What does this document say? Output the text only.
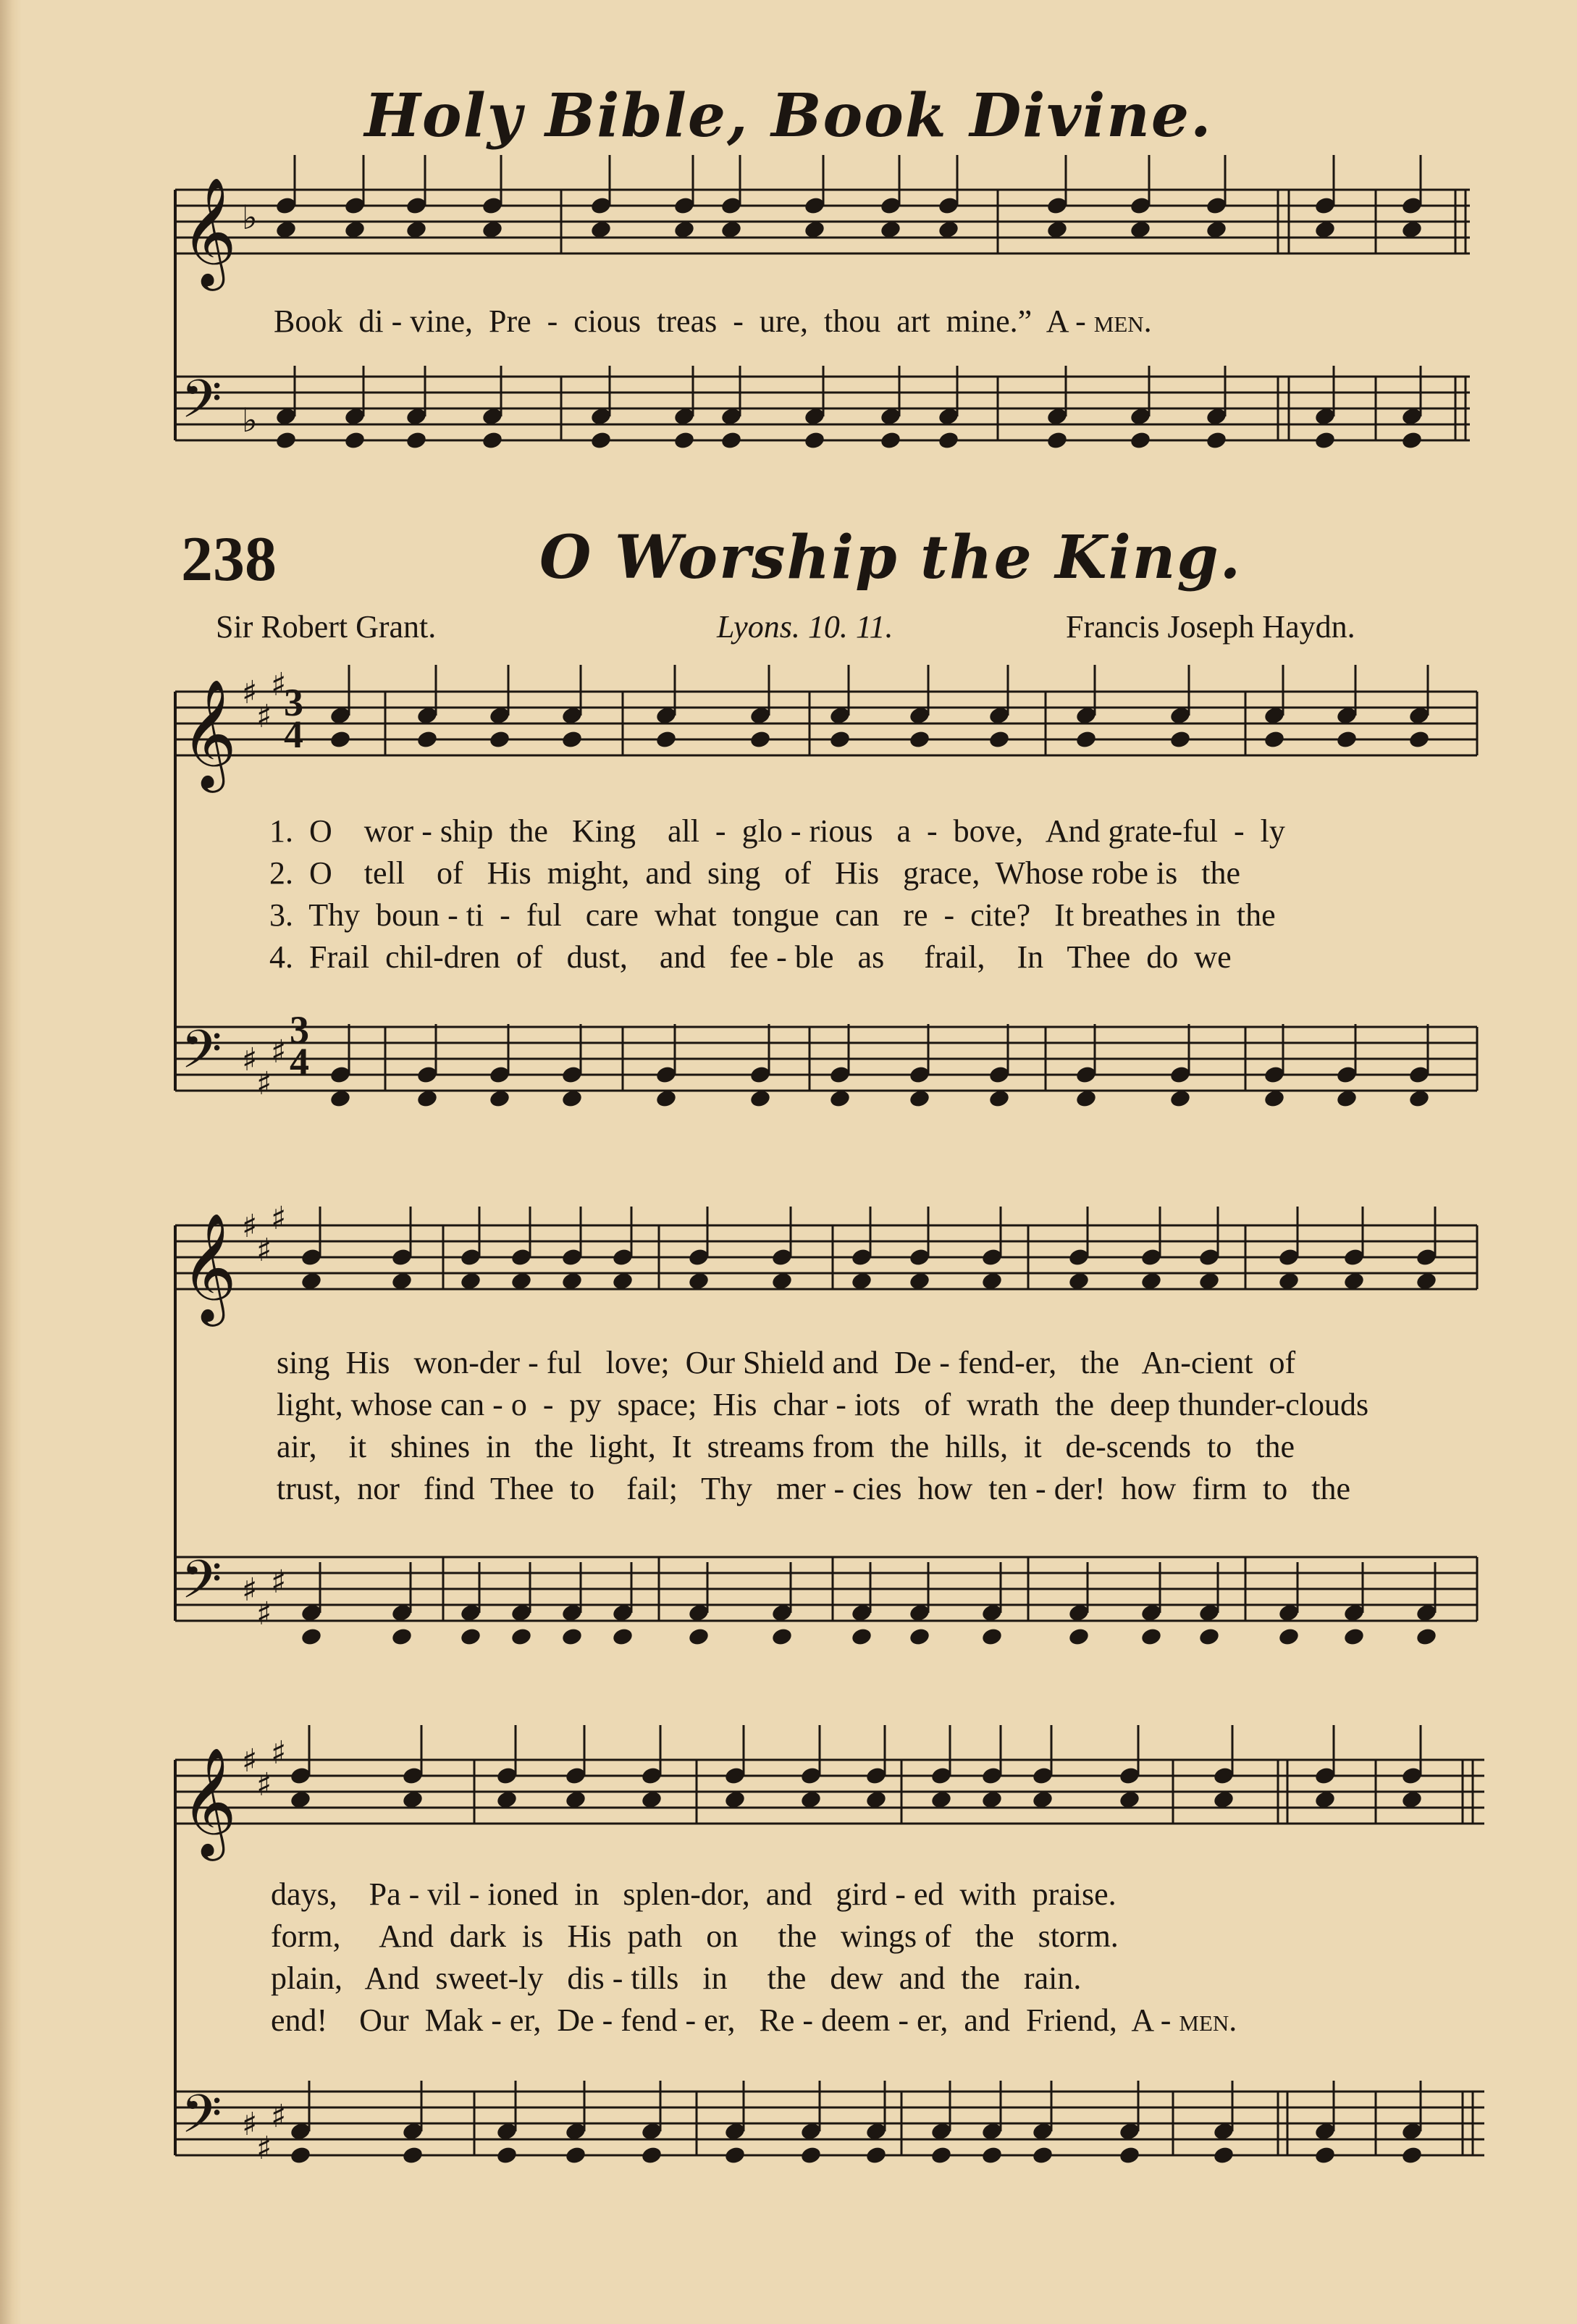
Holy Bible, Book Divine.
Book  di - vine,  Pre  -  cious  treas  -  ure,  thou  art  mine.”  A - men.
238	O Worship the King.
Sir Robert Grant.	Lyons. 10. 11.	Francis Joseph Haydn.
1.  O    wor - ship  the   King    all  -  glo - rious   a  -  bove,   And grate-ful  -  ly
2.  O    tell    of   His  might,  and  sing   of   His   grace,  Whose robe is   the
3.  Thy  boun - ti  -  ful   care  what  tongue  can   re  -  cite?   It breathes in  the
4.  Frail  chil-dren  of   dust,    and   fee - ble   as     frail,    In   Thee  do  we
sing  His   won-der - ful   love;  Our Shield and  De - fend-er,   the   An-cient  of
light, whose can - o  -  py  space;  His  char - iots   of  wrath  the  deep thunder-clouds
air,    it   shines  in   the  light,  It  streams from  the  hills,  it   de-scends  to   the
trust,  nor   find  Thee  to    fail;   Thy   mer - cies  how  ten - der!  how  firm  to   the
days,    Pa - vil - ioned  in   splen-dor,  and   gird - ed  with  praise.
form,     And  dark  is   His  path   on     the   wings of   the   storm.
plain,   And  sweet-ly   dis - tills   in     the   dew  and  the   rain.
end!    Our  Mak - er,  De - fend - er,   Re - deem - er,  and  Friend,  A - men.
𝄞 ♭
𝄢 ♭
𝄞 ♯
♯
♯
𝄢 ♯
♯
♯
𝄞 ♯
♯
♯
𝄢 ♯
♯
♯
𝄞 ♯
♯
♯
𝄢 ♯
♯
♯
3
4
3
4
